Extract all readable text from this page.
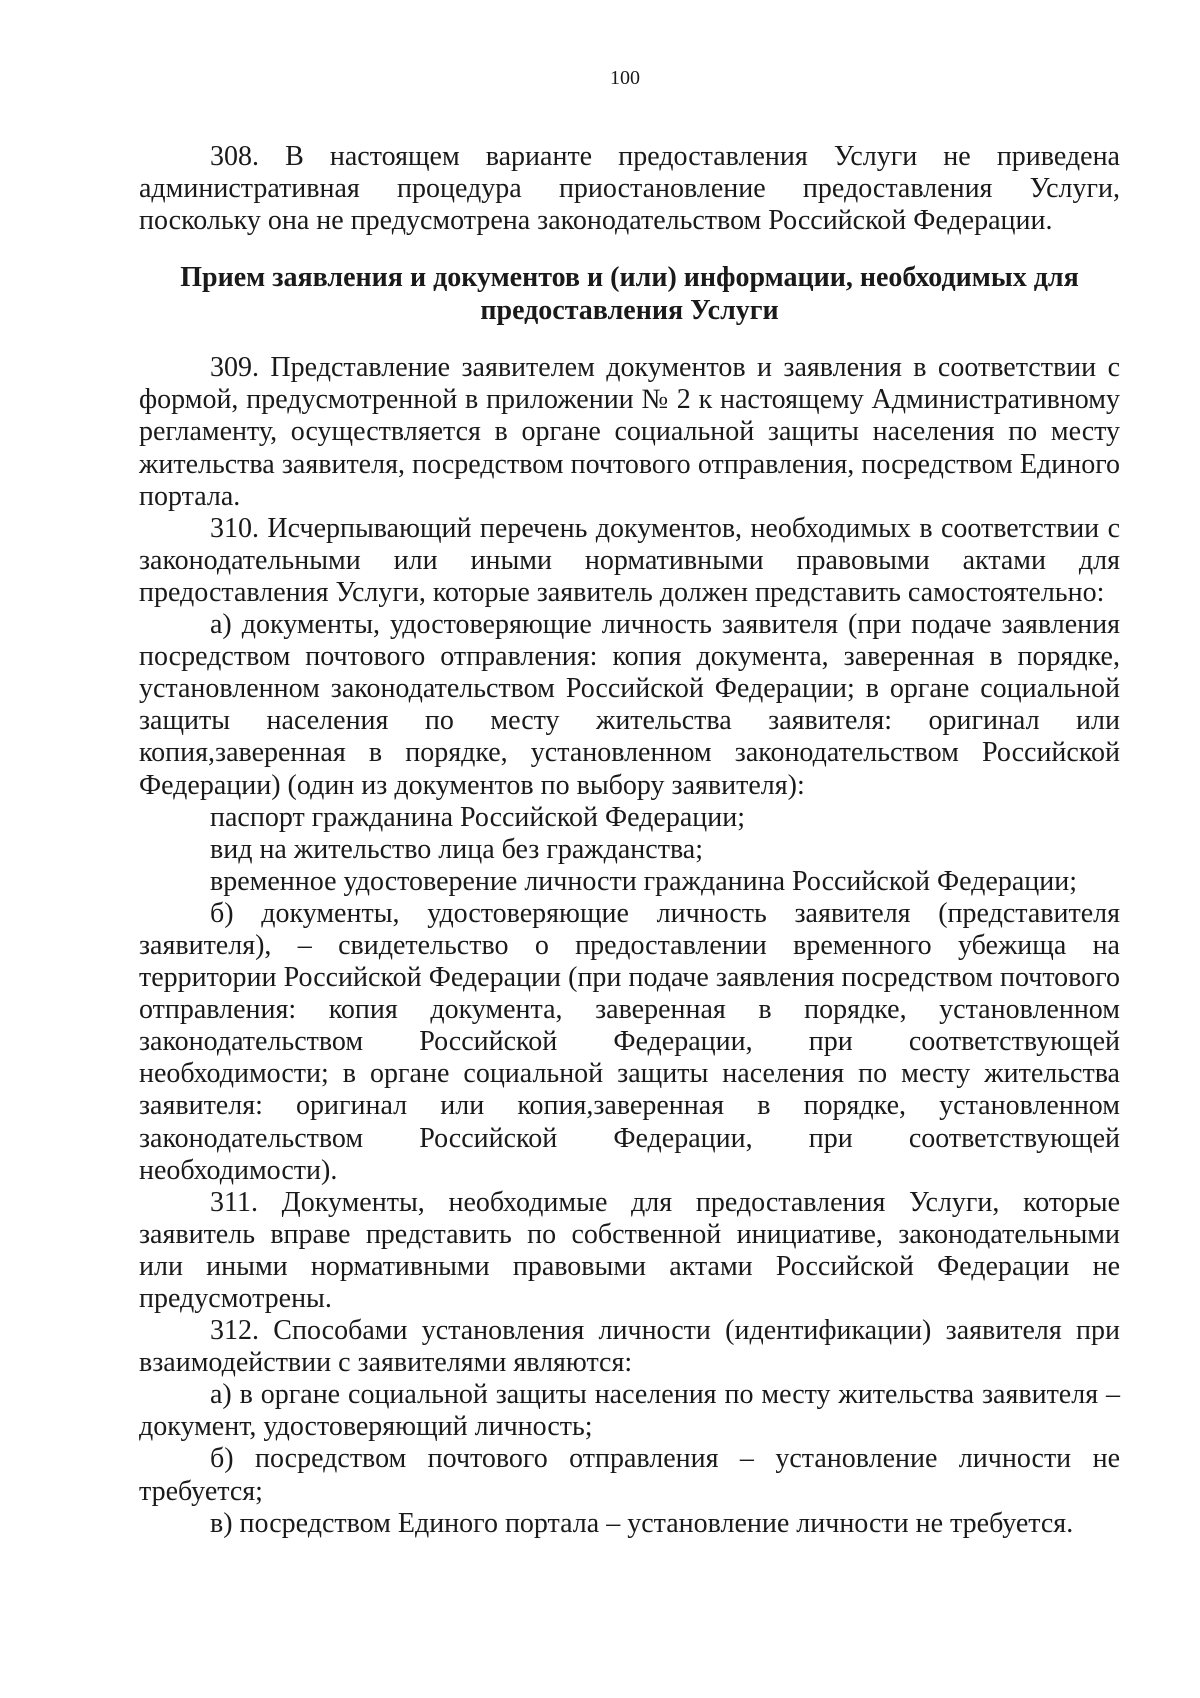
100

308. В настоящем варианте предоставления Услуги не приведена административная процедура приостановление предоставления Услуги, поскольку она не предусмотрена законодательством Российской Федерации.

Прием заявления и документов и (или) информации, необходимых для
предоставления Услуги

309. Представление заявителем документов и заявления в соответствии с формой, предусмотренной в приложении № 2 к настоящему Административному регламенту, осуществляется в органе социальной защиты населения по месту жительства заявителя, посредством почтового отправления, посредством Единого портала.

310. Исчерпывающий перечень документов, необходимых в соответствии с законодательными или иными нормативными правовыми актами для предоставления Услуги, которые заявитель должен представить самостоятельно:

а) документы, удостоверяющие личность заявителя (при подаче заявления посредством почтового отправления: копия документа, заверенная в порядке, установленном законодательством Российской Федерации; в органе социальной защиты населения по месту жительства заявителя: оригинал или копия,заверенная в порядке, установленном законодательством Российской Федерации) (один из документов по выбору заявителя):

паспорт гражданина Российской Федерации;

вид на жительство лица без гражданства;

временное удостоверение личности гражданина Российской Федерации;

б) документы, удостоверяющие личность заявителя (представителя заявителя), – свидетельство о предоставлении временного убежища на территории Российской Федерации (при подаче заявления посредством почтового отправления: копия документа, заверенная в порядке, установленном законодательством Российской Федерации, при соответствующей необходимости; в органе социальной защиты населения по месту жительства заявителя: оригинал или копия,заверенная в порядке, установленном законодательством Российской Федерации, при соответствующей необходимости).

311. Документы, необходимые для предоставления Услуги, которые заявитель вправе представить по собственной инициативе, законодательными или иными нормативными правовыми актами Российской Федерации не предусмотрены.

312. Способами установления личности (идентификации) заявителя при взаимодействии с заявителями являются:

а) в органе социальной защиты населения по месту жительства заявителя – документ, удостоверяющий личность;

б) посредством почтового отправления – установление личности не требуется;

в) посредством Единого портала – установление личности не требуется.
